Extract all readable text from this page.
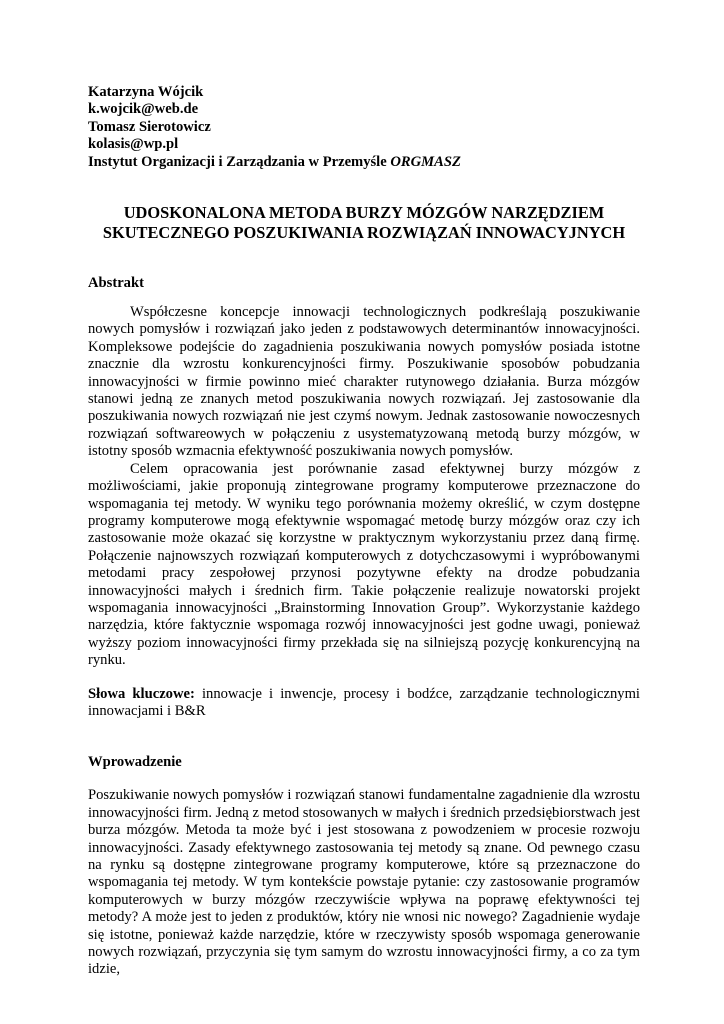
Katarzyna Wójcik
k.wojcik@web.de
Tomasz Sierotowicz
kolasis@wp.pl
Instytut Organizacji i Zarządzania w Przemyśle ORGMASZ
UDOSKONALONA METODA BURZY MÓZGÓW NARZĘDZIEM
SKUTECZNEGO POSZUKIWANIA ROZWIĄZAŃ INNOWACYJNYCH
Abstrakt
Współczesne koncepcje innowacji technologicznych podkreślają poszukiwanie nowych pomysłów i rozwiązań jako jeden z podstawowych determinantów innowacyjności. Kompleksowe podejście do zagadnienia poszukiwania nowych pomysłów posiada istotne znacznie dla wzrostu konkurencyjności firmy. Poszukiwanie sposobów pobudzania innowacyjności w firmie powinno mieć charakter rutynowego działania. Burza mózgów stanowi jedną ze znanych metod poszukiwania nowych rozwiązań. Jej zastosowanie dla poszukiwania nowych rozwiązań nie jest czymś nowym. Jednak zastosowanie nowoczesnych rozwiązań softwareowych w połączeniu z usystematyzowaną metodą burzy mózgów, w istotny sposób wzmacnia efektywność poszukiwania nowych pomysłów.
Celem opracowania jest porównanie zasad efektywnej burzy mózgów z możliwościami, jakie proponują zintegrowane programy komputerowe przeznaczone do wspomagania tej metody. W wyniku tego porównania możemy określić, w czym dostępne programy komputerowe mogą efektywnie wspomagać metodę burzy mózgów oraz czy ich zastosowanie może okazać się korzystne w praktycznym wykorzystaniu przez daną firmę. Połączenie najnowszych rozwiązań komputerowych z dotychczasowymi i wypróbowanymi metodami pracy zespołowej przynosi pozytywne efekty na drodze pobudzania innowacyjności małych i średnich firm. Takie połączenie realizuje nowatorski projekt wspomagania innowacyjności „Brainstorming Innovation Group”. Wykorzystanie każdego narzędzia, które faktycznie wspomaga rozwój innowacyjności jest godne uwagi, ponieważ wyższy poziom innowacyjności firmy przekłada się na silniejszą pozycję konkurencyjną na rynku.
Słowa kluczowe: innowacje i inwencje, procesy i bodźce, zarządzanie technologicznymi innowacjami i B&R
Wprowadzenie
Poszukiwanie nowych pomysłów i rozwiązań stanowi fundamentalne zagadnienie dla wzrostu innowacyjności firm. Jedną z metod stosowanych w małych i średnich przedsiębiorstwach jest burza mózgów. Metoda ta może być i jest stosowana z powodzeniem w procesie rozwoju innowacyjności. Zasady efektywnego zastosowania tej metody są znane. Od pewnego czasu na rynku są dostępne zintegrowane programy komputerowe, które są przeznaczone do wspomagania tej metody. W tym kontekście powstaje pytanie: czy zastosowanie programów komputerowych w burzy mózgów rzeczywiście wpływa na poprawę efektywności tej metody? A może jest to jeden z produktów, który nie wnosi nic nowego? Zagadnienie wydaje się istotne, ponieważ każde narzędzie, które w rzeczywisty sposób wspomaga generowanie nowych rozwiązań, przyczynia się tym samym do wzrostu innowacyjności firmy, a co za tym idzie,
